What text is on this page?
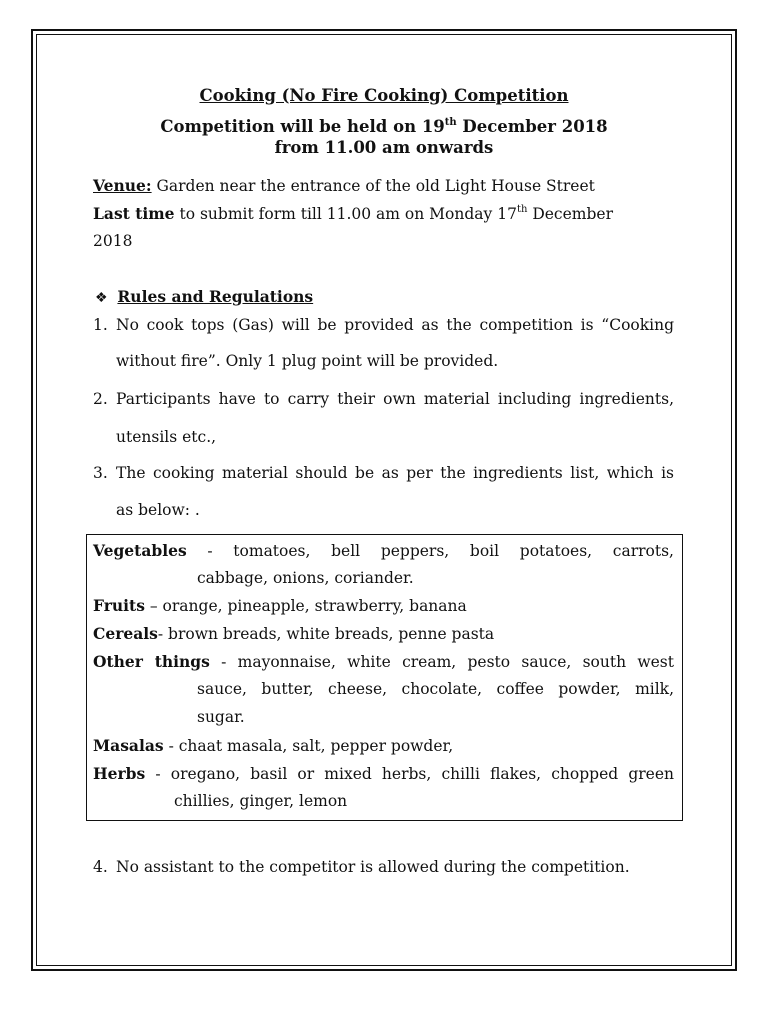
Cooking (No Fire Cooking) Competition
Competition will be held on 19th December 2018
from 11.00 am onwards
Venue: Garden near the entrance of the old Light House Street
Last time to submit form till 11.00 am on Monday 17th December
2018
❖ Rules and Regulations
1. No cook tops (Gas) will be provided as the competition is “Cooking
without fire”. Only 1 plug point will be provided.
2. Participants have to carry their own material including ingredients,
utensils etc.,
3. The cooking material should be as per the ingredients list, which is
as below: .
Vegetables - tomatoes, bell peppers, boil potatoes, carrots,
cabbage, onions, coriander.
Fruits – orange, pineapple, strawberry, banana
Cereals- brown breads, white breads, penne pasta
Other things - mayonnaise, white cream, pesto sauce, south west
sauce, butter, cheese, chocolate, coffee powder, milk,
sugar.
Masalas - chaat masala, salt, pepper powder,
Herbs - oregano, basil or mixed herbs, chilli flakes, chopped green
chillies, ginger, lemon
4. No assistant to the competitor is allowed during the competition.
